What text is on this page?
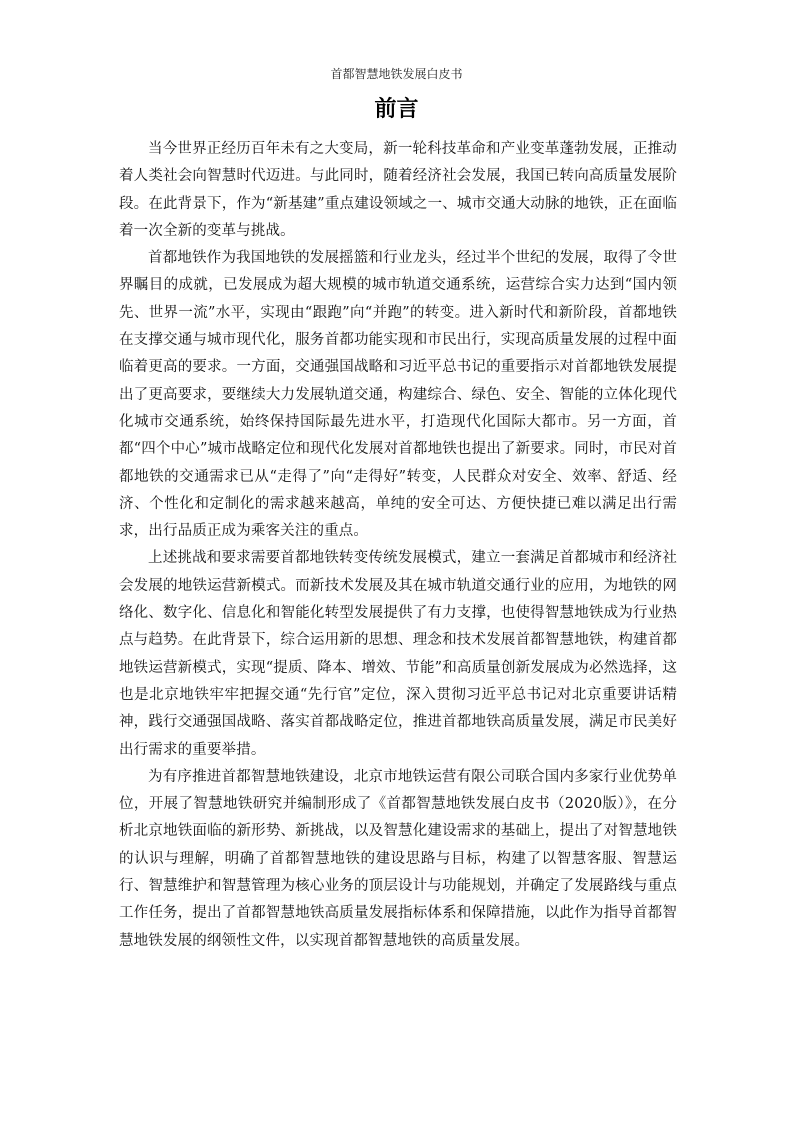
首都智慧地铁发展白皮书
前言

当今世界正经历百年未有之大变局，新一轮科技革命和产业变革蓬勃发展，正推动着人类社会向智慧时代迈进。与此同时，随着经济社会发展，我国已转向高质量发展阶段。在此背景下，作为“新基建”重点建设领域之一、城市交通大动脉的地铁，正在面临着一次全新的变革与挑战。

首都地铁作为我国地铁的发展摇篮和行业龙头，经过半个世纪的发展，取得了令世界瞩目的成就，已发展成为超大规模的城市轨道交通系统，运营综合实力达到“国内领先、世界一流”水平，实现由“跟跑”向“并跑”的转变。进入新时代和新阶段，首都地铁在支撑交通与城市现代化，服务首都功能实现和市民出行，实现高质量发展的过程中面临着更高的要求。一方面，交通强国战略和习近平总书记的重要指示对首都地铁发展提出了更高要求，要继续大力发展轨道交通，构建综合、绿色、安全、智能的立体化现代化城市交通系统，始终保持国际最先进水平，打造现代化国际大都市。另一方面，首都“四个中心”城市战略定位和现代化发展对首都地铁也提出了新要求。同时，市民对首都地铁的交通需求已从“走得了”向“走得好”转变，人民群众对安全、效率、舒适、经济、个性化和定制化的需求越来越高，单纯的安全可达、方便快捷已难以满足出行需求，出行品质正成为乘客关注的重点。

上述挑战和要求需要首都地铁转变传统发展模式，建立一套满足首都城市和经济社会发展的地铁运营新模式。而新技术发展及其在城市轨道交通行业的应用，为地铁的网络化、数字化、信息化和智能化转型发展提供了有力支撑，也使得智慧地铁成为行业热点与趋势。在此背景下，综合运用新的思想、理念和技术发展首都智慧地铁，构建首都地铁运营新模式，实现“提质、降本、增效、节能”和高质量创新发展成为必然选择，这也是北京地铁牢牢把握交通“先行官”定位，深入贯彻习近平总书记对北京重要讲话精神，践行交通强国战略、落实首都战略定位，推进首都地铁高质量发展，满足市民美好出行需求的重要举措。

为有序推进首都智慧地铁建设，北京市地铁运营有限公司联合国内多家行业优势单位，开展了智慧地铁研究并编制形成了《首都智慧地铁发展白皮书（2020版）》，在分析北京地铁面临的新形势、新挑战，以及智慧化建设需求的基础上，提出了对智慧地铁的认识与理解，明确了首都智慧地铁的建设思路与目标，构建了以智慧客服、智慧运行、智慧维护和智慧管理为核心业务的顶层设计与功能规划，并确定了发展路线与重点工作任务，提出了首都智慧地铁高质量发展指标体系和保障措施，以此作为指导首都智慧地铁发展的纲领性文件，以实现首都智慧地铁的高质量发展。
